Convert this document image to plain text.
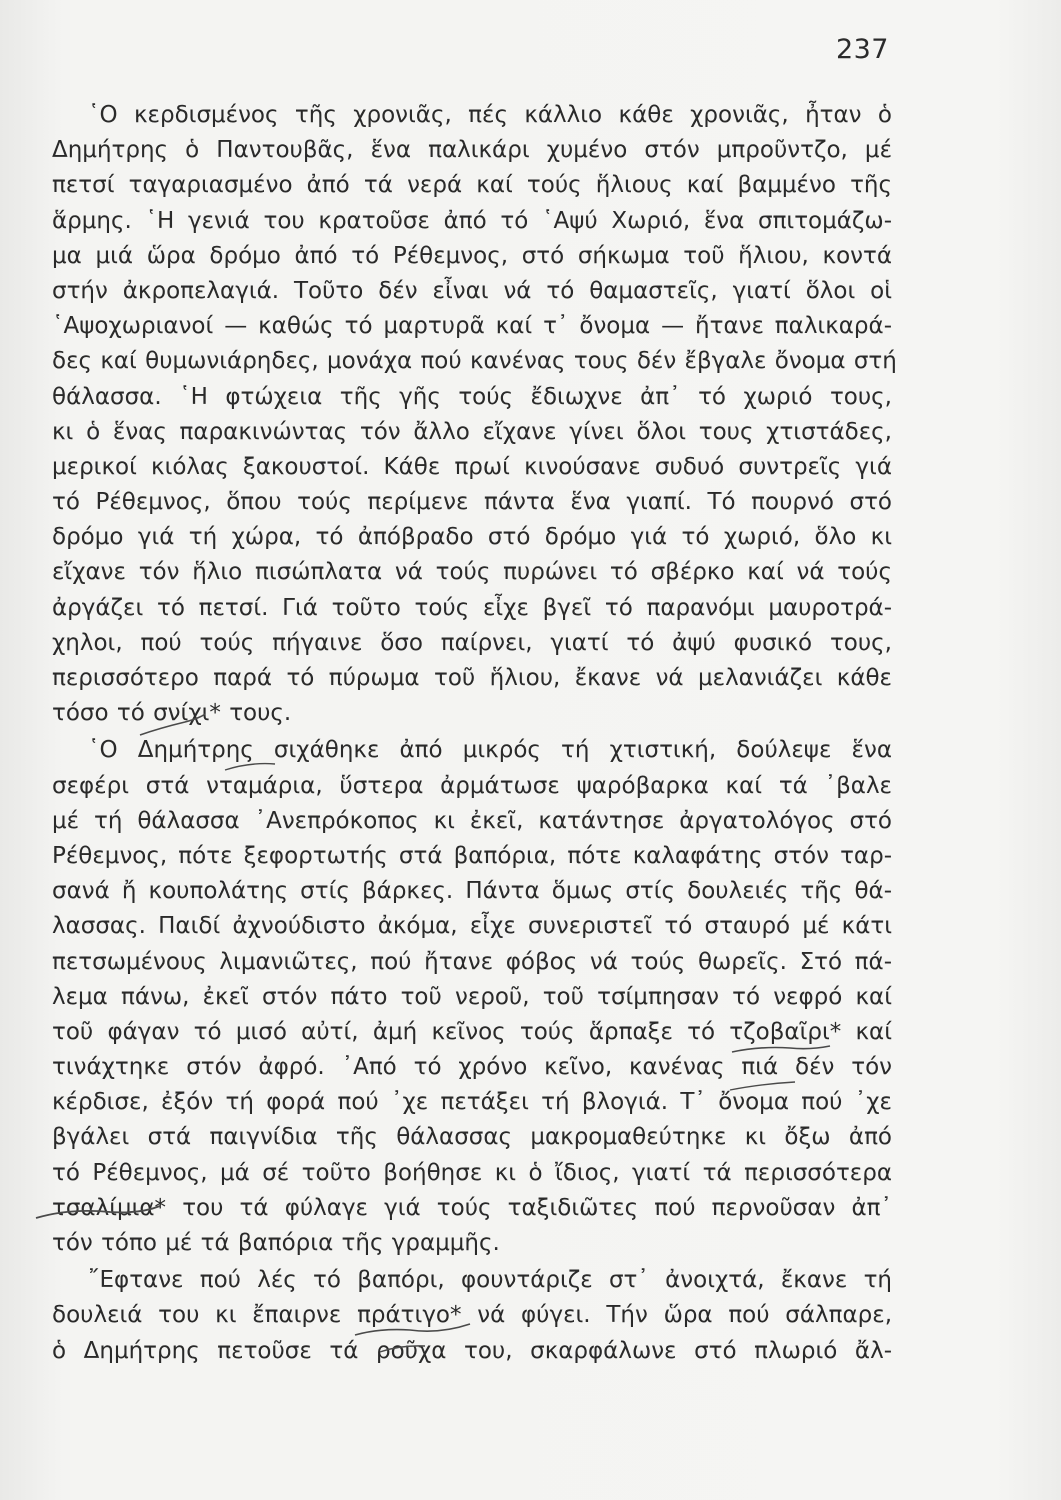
237
῾Ο κερδισμένος τῆς χρονιᾶς, πές κάλλιο κάθε χρονιᾶς, ἦταν ὁ
Δημήτρης ὁ Παντουβᾶς, ἕνα παλικάρι χυμένο στόν μπροῦντζο, μέ
πετσί ταγαριασμένο ἀπό τά νερά καί τούς ἥλιους καί βαμμένο τῆς
ἅρμης. ῾Η γενιά του κρατοῦσε ἀπό τό ῾Αψύ Χωριό, ἕνα σπιτομάζω-
μα μιά ὥρα δρόμο ἀπό τό Ρέθεμνος, στό σήκωμα τοῦ ἥλιου, κοντά
στήν ἀκροπελαγιά. Τοῦτο δέν εἶναι νά τό θαμαστεῖς, γιατί ὅλοι οἱ
῾Αψοχωριανοί — καθώς τό μαρτυρᾶ καί τ᾿ ὄνομα — ἤτανε παλικαρά-
δες καί θυμωνιάρηδες, μονάχα πού κανένας τους δέν ἔβγαλε ὄνομα στή
θάλασσα. ῾Η φτώχεια τῆς γῆς τούς ἔδιωχνε ἀπ᾿ τό χωριό τους,
κι ὁ ἕνας παρακινώντας τόν ἄλλο εἴχανε γίνει ὅλοι τους χτιστάδες,
μερικοί κιόλας ξακουστοί. Κάθε πρωί κινούσανε συδυό συντρεῖς γιά
τό Ρέθεμνος, ὅπου τούς περίμενε πάντα ἕνα γιαπί. Τό πουρνό στό
δρόμο γιά τή χώρα, τό ἀπόβραδο στό δρόμο γιά τό χωριό, ὅλο κι
εἴχανε τόν ἥλιο πισώπλατα νά τούς πυρώνει τό σβέρκο καί νά τούς
ἀργάζει τό πετσί. Γιά τοῦτο τούς εἶχε βγεῖ τό παρανόμι μαυροτρά-
χηλοι, πού τούς πήγαινε ὅσο παίρνει, γιατί τό ἀψύ φυσικό τους,
περισσότερο παρά τό πύρωμα τοῦ ἥλιου, ἔκανε νά μελανιάζει κάθε
τόσο τό σνίχι* τους.
῾Ο Δημήτρης σιχάθηκε ἀπό μικρός τή χτιστική, δούλεψε ἕνα
σεφέρι στά νταμάρια, ὕστερα ἀρμάτωσε ψαρόβαρκα καί τά ᾿βαλε
μέ τή θάλασσα ᾿Ανεπρόκοπος κι ἐκεῖ, κατάντησε ἀργατολόγος στό
Ρέθεμνος, πότε ξεφορτωτής στά βαπόρια, πότε καλαφάτης στόν ταρ-
σανά ἤ κουπολάτης στίς βάρκες. Πάντα ὅμως στίς δουλειές τῆς θά-
λασσας. Παιδί ἀχνούδιστο ἀκόμα, εἶχε συνεριστεῖ τό σταυρό μέ κάτι
πετσωμένους λιμανιῶτες, πού ἤτανε φόβος νά τούς θωρεῖς. Στό πά-
λεμα πάνω, ἐκεῖ στόν πάτο τοῦ νεροῦ, τοῦ τσίμπησαν τό νεφρό καί
τοῦ φάγαν τό μισό αὐτί, ἀμή κεῖνος τούς ἅρπαξε τό τζοβαῖρι* καί
τινάχτηκε στόν ἀφρό. ᾿Από τό χρόνο κεῖνο, κανένας πιά δέν τόν
κέρδισε, ἐξόν τή φορά πού ᾿χε πετάξει τή βλογιά. Τ᾿ ὄνομα πού ᾿χε
βγάλει στά παιγνίδια τῆς θάλασσας μακρομαθεύτηκε κι ὄξω ἀπό
τό Ρέθεμνος, μά σέ τοῦτο βοήθησε κι ὁ ἴδιος, γιατί τά περισσότερα
τσαλίμια* του τά φύλαγε γιά τούς ταξιδιῶτες πού περνοῦσαν ἀπ᾿
τόν τόπο μέ τά βαπόρια τῆς γραμμῆς.
῎Εφτανε πού λές τό βαπόρι, φουντάριζε στ᾿ ἀνοιχτά, ἔκανε τή
δουλειά του κι ἔπαιρνε πράτιγο* νά φύγει. Τήν ὥρα πού σάλπαρε,
ὁ Δημήτρης πετοῦσε τά ροῦχα του, σκαρφάλωνε στό πλωριό ἄλ-
